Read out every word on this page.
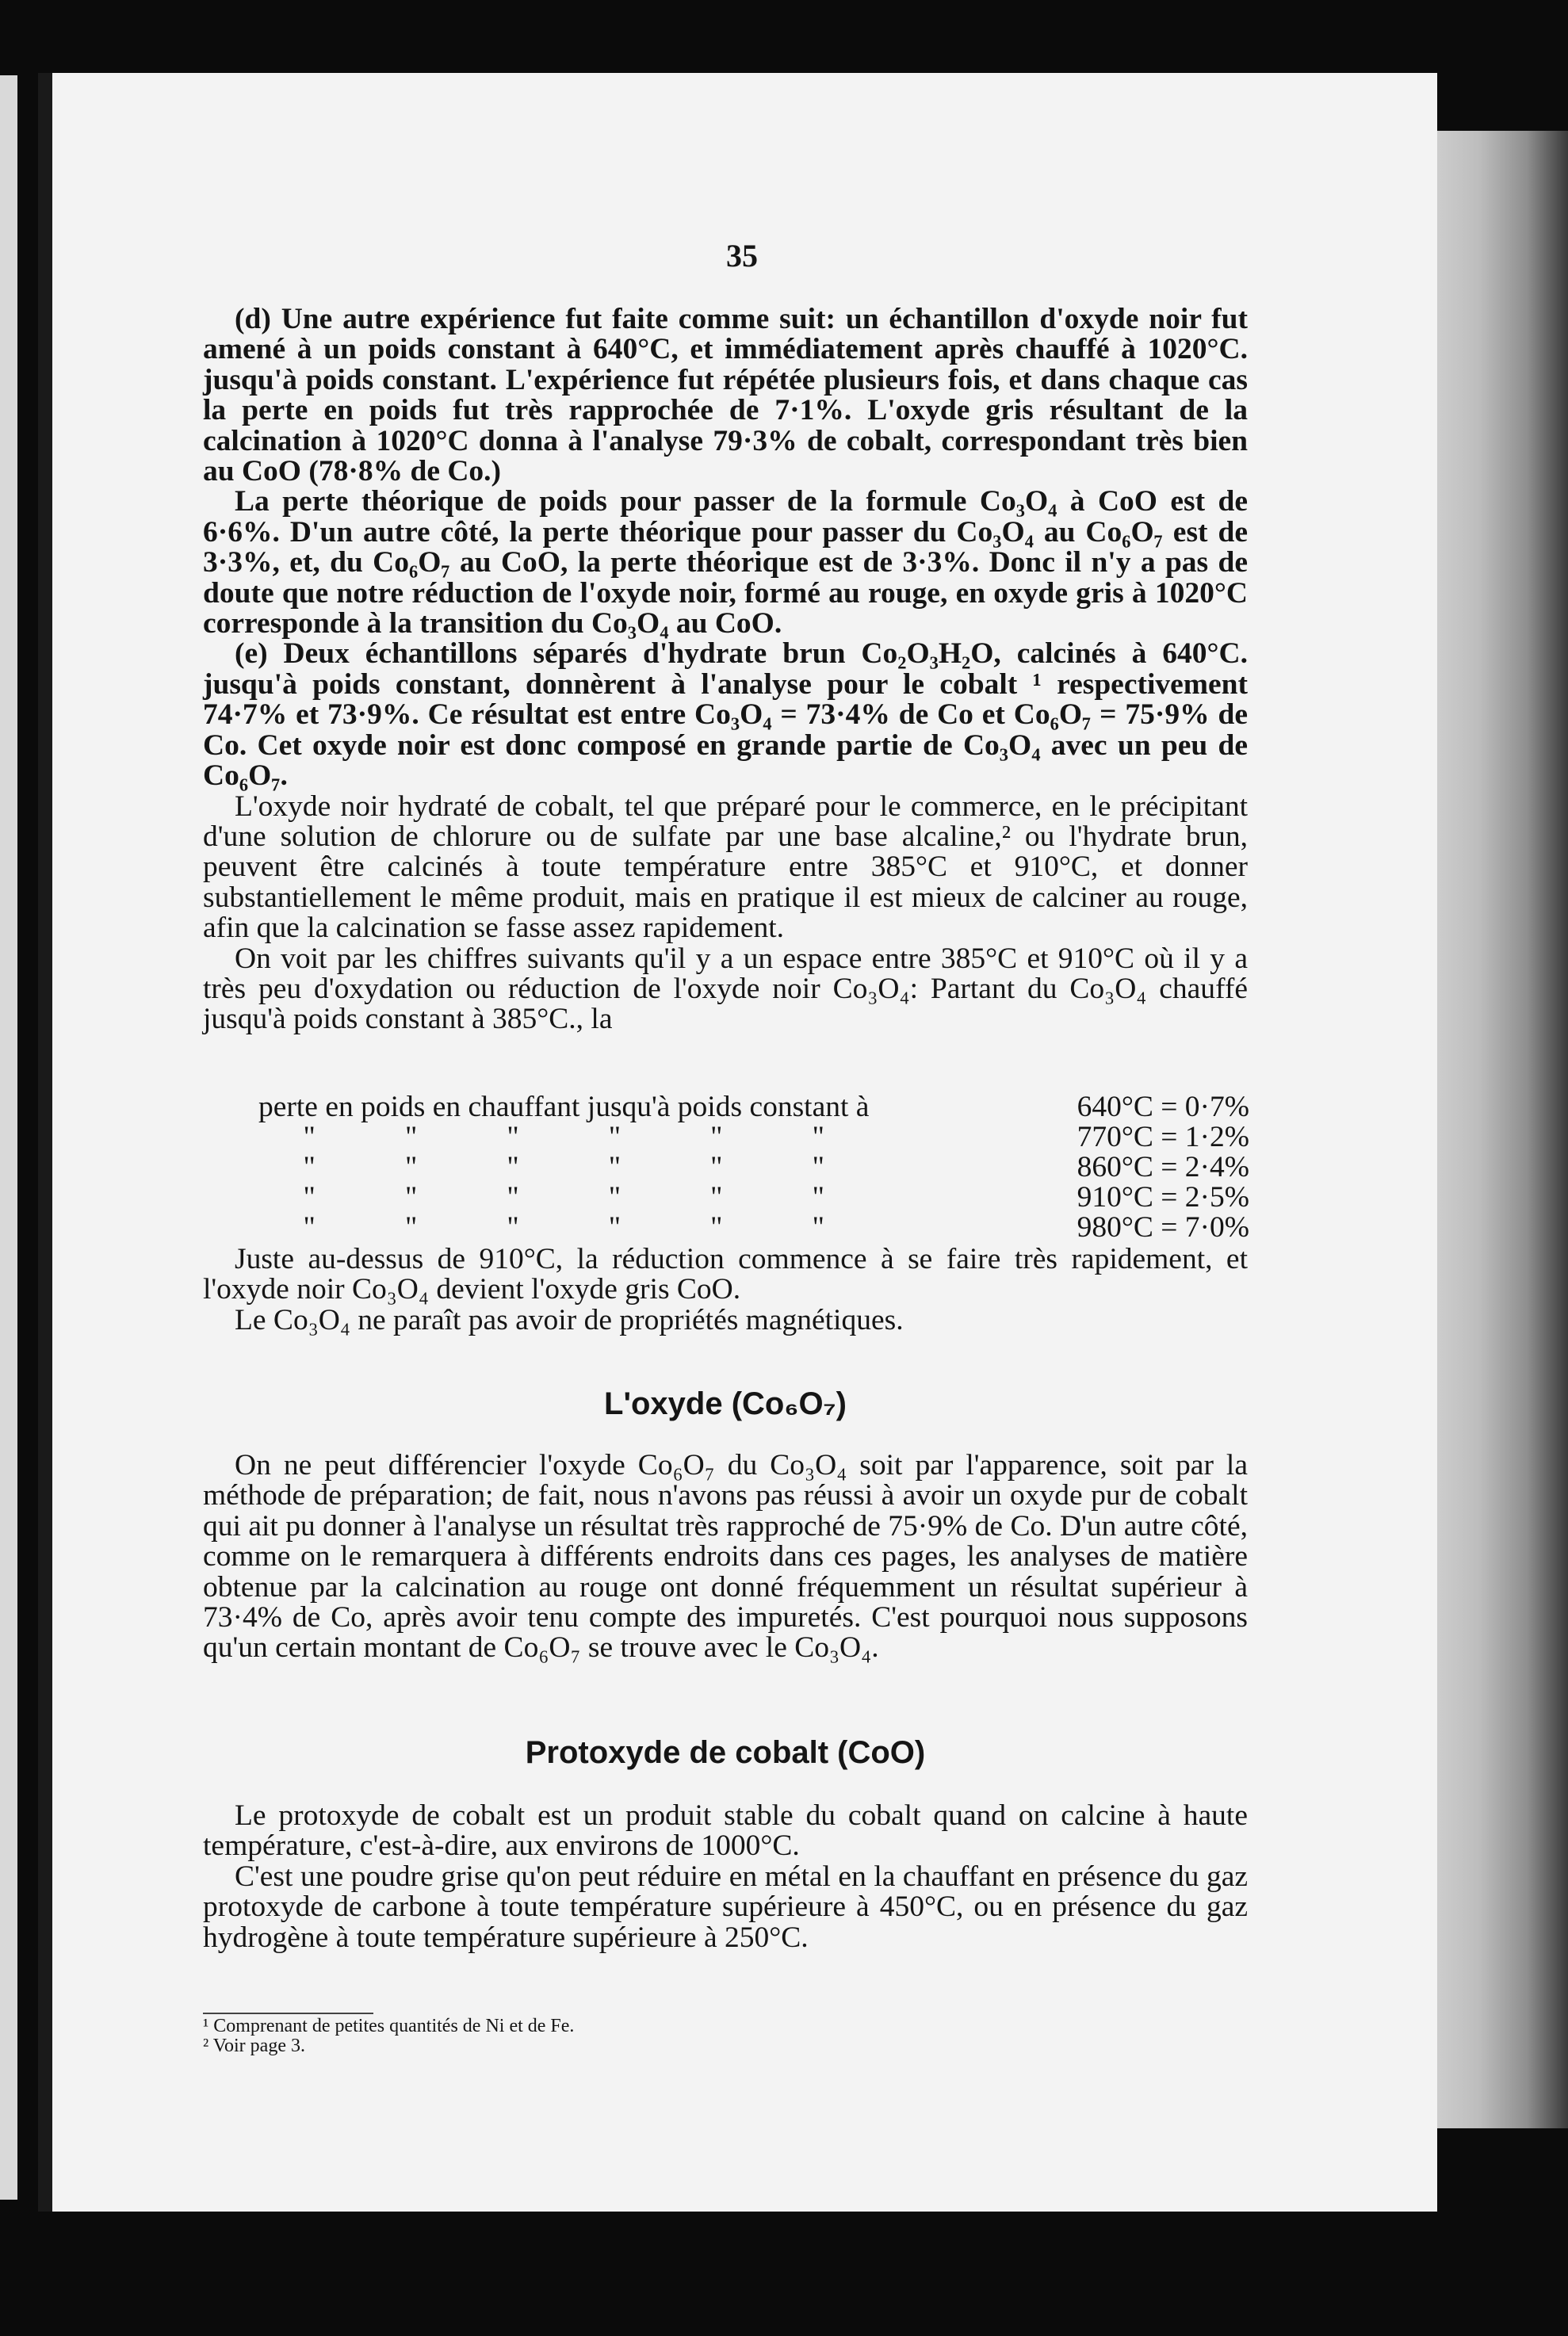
35

(d) Une autre expérience fut faite comme suit: un échantillon d'oxyde noir fut amené à un poids constant à 640°C, et immédiatement après chauffé à 1020°C. jusqu'à poids constant. L'expérience fut répétée plusieurs fois, et dans chaque cas la perte en poids fut très rapprochée de 7·1%. L'oxyde gris résultant de la calcination à 1020°C donna à l'analyse 79·3% de cobalt, correspondant très bien au CoO (78·8% de Co.)

La perte théorique de poids pour passer de la formule Co₃O₄ à CoO est de 6·6%. D'un autre côté, la perte théorique pour passer du Co₃O₄ au Co₆O₇ est de 3·3%, et, du Co₆O₇ au CoO, la perte théorique est de 3·3%. Donc il n'y a pas de doute que notre réduction de l'oxyde noir, formé au rouge, en oxyde gris à 1020°C corresponde à la transition du Co₃O₄ au CoO.

(e) Deux échantillons séparés d'hydrate brun Co₂O₃H₂O, calcinés à 640°C. jusqu'à poids constant, donnèrent à l'analyse pour le cobalt ¹ respectivement 74·7% et 73·9%. Ce résultat est entre Co₃O₄ = 73·4% de Co et Co₆O₇ = 75·9% de Co. Cet oxyde noir est donc composé en grande partie de Co₃O₄ avec un peu de Co₆O₇.

L'oxyde noir hydraté de cobalt, tel que préparé pour le commerce, en le précipitant d'une solution de chlorure ou de sulfate par une base alcaline,² ou l'hydrate brun, peuvent être calcinés à toute température entre 385°C et 910°C, et donner substantiellement le même produit, mais en pratique il est mieux de calciner au rouge, afin que la calcination se fasse assez rapidement.

On voit par les chiffres suivants qu'il y a un espace entre 385°C et 910°C où il y a très peu d'oxydation ou réduction de l'oxyde noir Co₃O₄: Partant du Co₃O₄ chauffé jusqu'à poids constant à 385°C., la

perte en poids en chauffant jusqu'à poids constant à						640°C = 0·7%
"	"	"	"	"	"	770°C = 1·2%
"	"	"	"	"	"	860°C = 2·4%
"	"	"	"	"	"	910°C = 2·5%
"	"	"	"	"	"	980°C = 7·0%

Juste au-dessus de 910°C, la réduction commence à se faire très rapidement, et l'oxyde noir Co₃O₄ devient l'oxyde gris CoO.

Le Co₃O₄ ne paraît pas avoir de propriétés magnétiques.

L'oxyde (Co₆O₇)

On ne peut différencier l'oxyde Co₆O₇ du Co₃O₄ soit par l'apparence, soit par la méthode de préparation; de fait, nous n'avons pas réussi à avoir un oxyde pur de cobalt qui ait pu donner à l'analyse un résultat très rapproché de 75·9% de Co. D'un autre côté, comme on le remarquera à différents endroits dans ces pages, les analyses de matière obtenue par la calcination au rouge ont donné fréquemment un résultat supérieur à 73·4% de Co, après avoir tenu compte des impuretés. C'est pourquoi nous supposons qu'un certain montant de Co₆O₇ se trouve avec le Co₃O₄.

Protoxyde de cobalt (CoO)

Le protoxyde de cobalt est un produit stable du cobalt quand on calcine à haute température, c'est-à-dire, aux environs de 1000°C.

C'est une poudre grise qu'on peut réduire en métal en la chauffant en présence du gaz protoxyde de carbone à toute température supérieure à 450°C, ou en présence du gaz hydrogène à toute température supérieure à 250°C.

¹ Comprenant de petites quantités de Ni et de Fe.
² Voir page 3.
